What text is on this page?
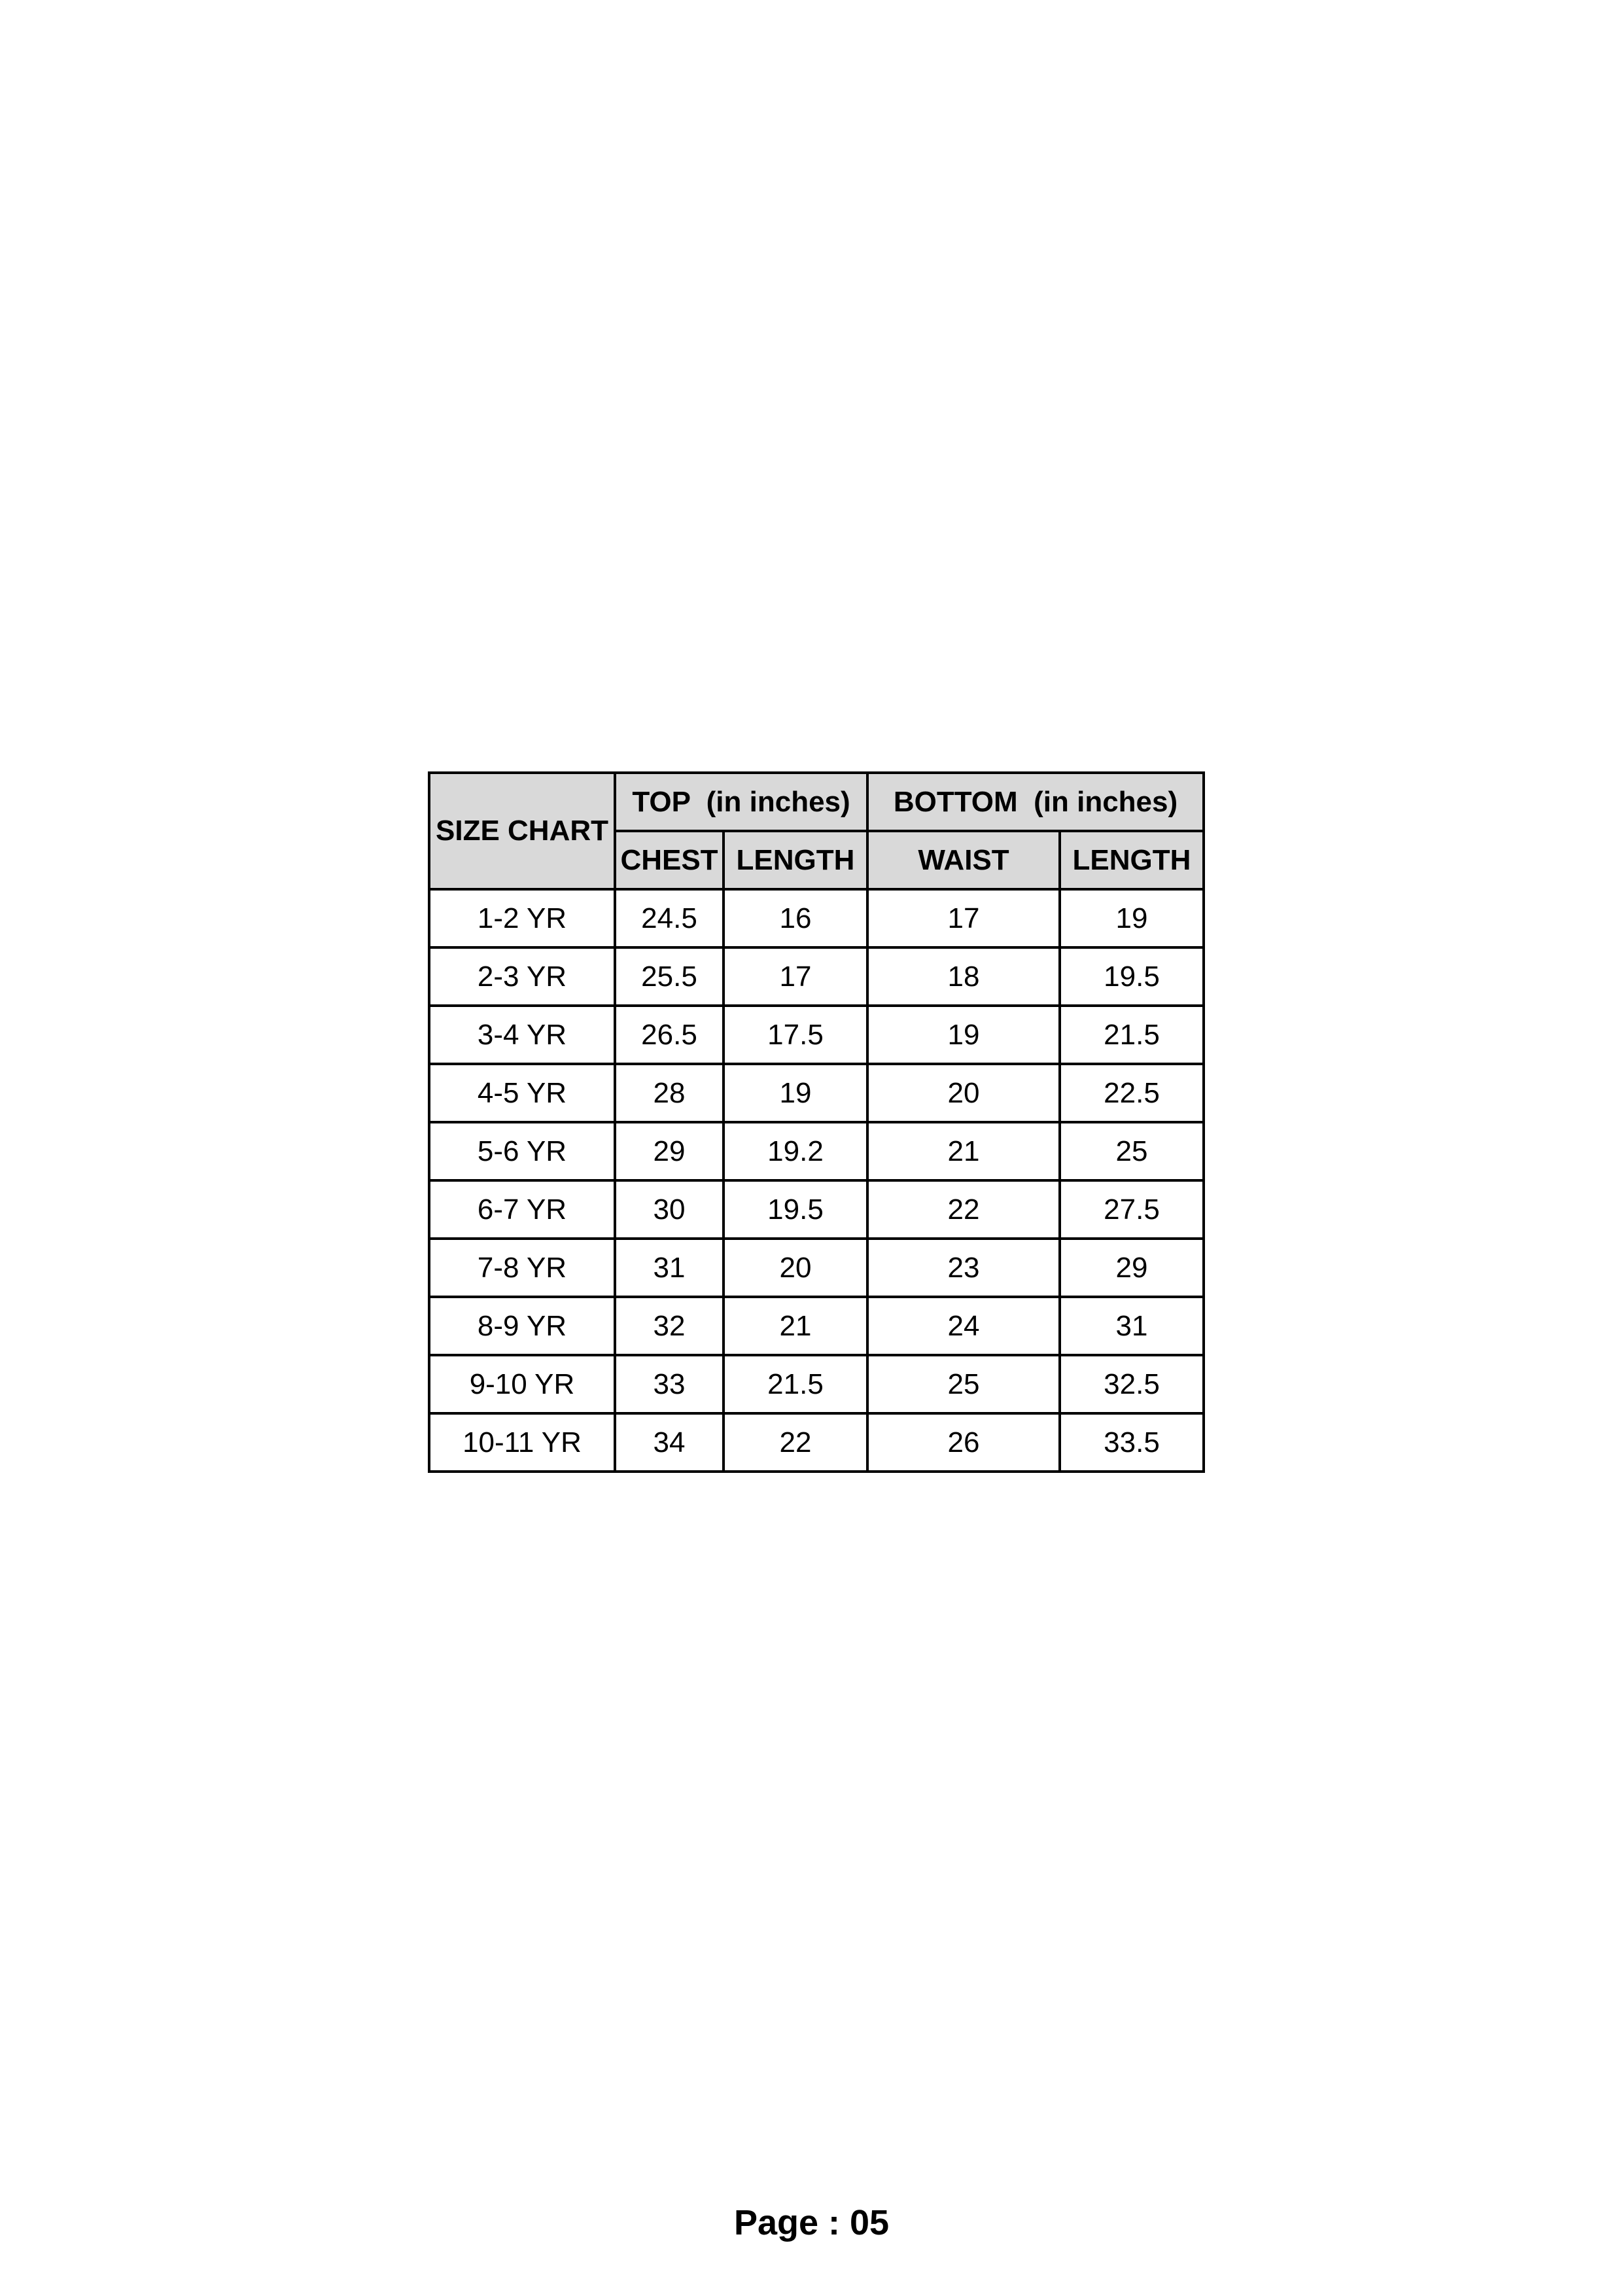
SIZE CHART	TOP  (in inches)		BOTTOM  (in inches)	
	CHEST	LENGTH	WAIST	LENGTH
1-2 YR	24.5	16	17	19
2-3 YR	25.5	17	18	19.5
3-4 YR	26.5	17.5	19	21.5
4-5 YR	28	19	20	22.5
5-6 YR	29	19.2	21	25
6-7 YR	30	19.5	22	27.5
7-8 YR	31	20	23	29
8-9 YR	32	21	24	31
9-10 YR	33	21.5	25	32.5
10-11 YR	34	22	26	33.5
Page : 05
